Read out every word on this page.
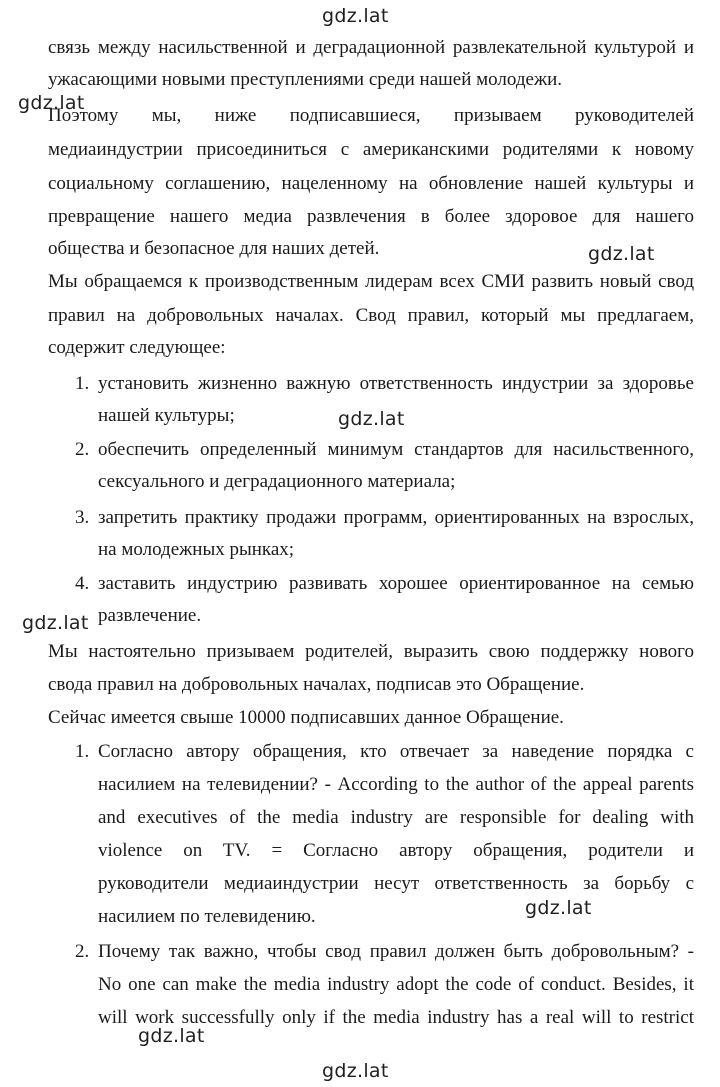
gdz.lat
gdz.lat
gdz.lat
gdz.lat
gdz.lat
gdz.lat
gdz.lat
gdz.lat
связь между насильственной и деградационной развлекательной культурой и
ужасающими новыми преступлениями среди нашей молодежи.
Поэтому мы, ниже подписавшиеся, призываем руководителей
медиаиндустрии присоединиться с американскими родителями к новому
социальному соглашению, нацеленному на обновление нашей культуры и
превращение нашего медиа развлечения в более здоровое для нашего
общества и безопасное для наших детей.
Мы обращаемся к производственным лидерам всех СМИ развить новый свод
правил на добровольных началах. Свод правил, который мы предлагаем,
содержит следующее:
1. установить жизненно важную ответственность индустрии за здоровье
нашей культуры;
2. обеспечить определенный минимум стандартов для насильственного,
сексуального и деградационного материала;
3. запретить практику продажи программ, ориентированных на взрослых,
на молодежных рынках;
4. заставить индустрию развивать хорошее ориентированное на семью
развлечение.
Мы настоятельно призываем родителей, выразить свою поддержку нового
свода правил на добровольных началах, подписав это Обращение.
Сейчас имеется свыше 10000 подписавших данное Обращение.
1. Согласно автору обращения, кто отвечает за наведение порядка с
насилием на телевидении? - According to the author of the appeal parents
and executives of the media industry are responsible for dealing with
violence on TV. = Согласно автору обращения, родители и
руководители медиаиндустрии несут ответственность за борьбу с
насилием по телевидению.
2. Почему так важно, чтобы свод правил должен быть добровольным? -
No one can make the media industry adopt the code of conduct. Besides, it
will work successfully only if the media industry has a real will to restrict
